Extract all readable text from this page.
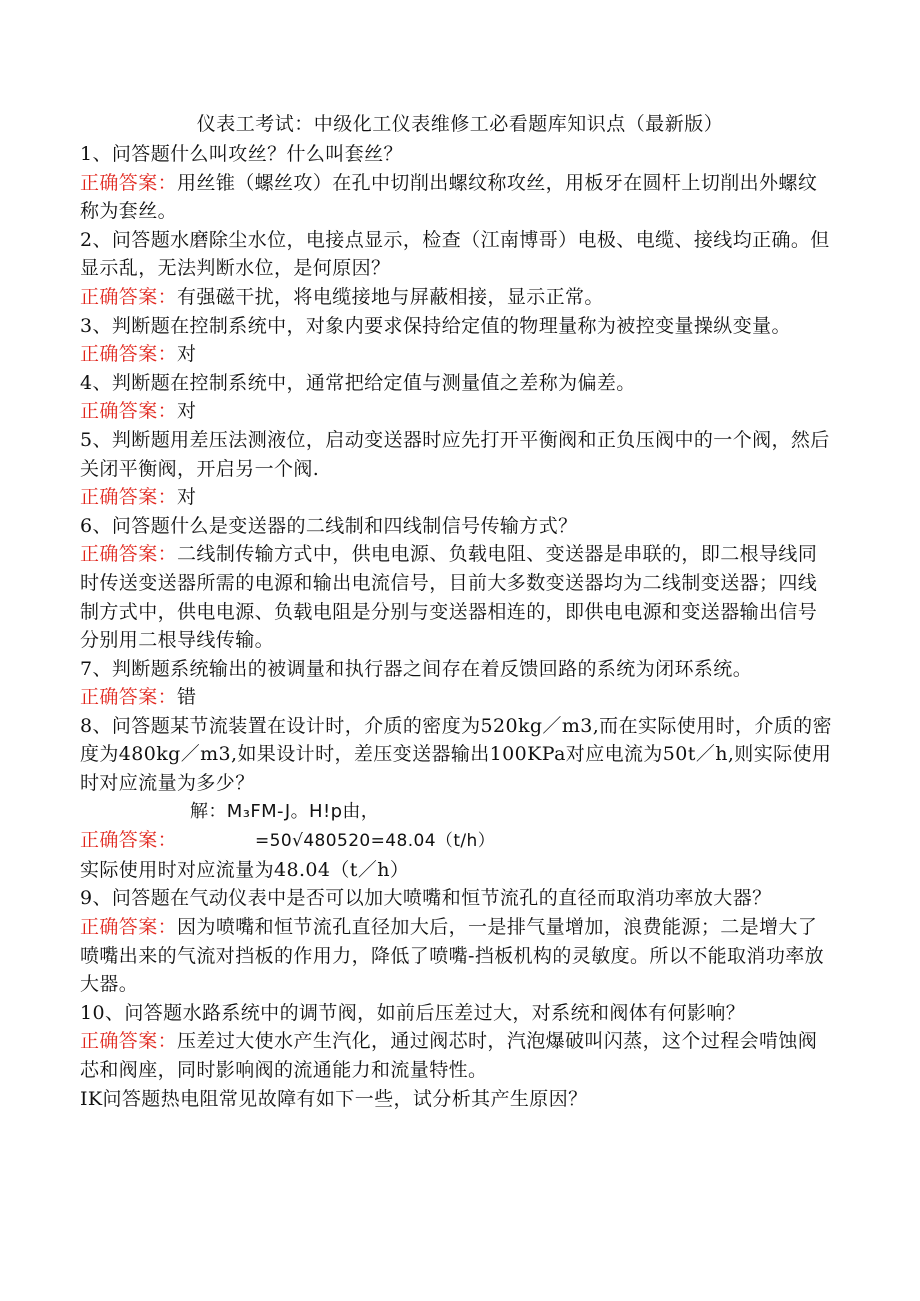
仪表工考试：中级化工仪表维修工必看题库知识点（最新版）

1、问答题什么叫攻丝？什么叫套丝？

正确答案：用丝锥（螺丝攻）在孔中切削出螺纹称攻丝，用板牙在圆杆上切削出外螺纹称为套丝。

2、问答题水磨除尘水位，电接点显示，检查（江南博哥）电极、电缆、接线均正确。但显示乱，无法判断水位，是何原因？

正确答案：有强磁干扰，将电缆接地与屏蔽相接，显示正常。

3、判断题在控制系统中，对象内要求保持给定值的物理量称为被控变量操纵变量。

正确答案：对

4、判断题在控制系统中，通常把给定值与测量值之差称为偏差。

正确答案：对

5、判断题用差压法测液位，启动变送器时应先打开平衡阀和正负压阀中的一个阀，然后关闭平衡阀，开启另一个阀.

正确答案：对

6、问答题什么是变送器的二线制和四线制信号传输方式？

正确答案：二线制传输方式中，供电电源、负载电阻、变送器是串联的，即二根导线同时传送变送器所需的电源和输出电流信号，目前大多数变送器均为二线制变送器；四线制方式中，供电电源、负载电阻是分别与变送器相连的，即供电电源和变送器输出信号分别用二根导线传输。

7、判断题系统输出的被调量和执行器之间存在着反馈回路的系统为闭环系统。

正确答案：错

8、问答题某节流装置在设计时，介质的密度为520kg／m3,而在实际使用时，介质的密度为480kg／m3,如果设计时，差压变送器输出100KPa对应电流为50t／h,则实际使用时对应流量为多少？

解：M₃FM-J。H!p由，

正确答案：	=50√480520=48.04（t/h）

实际使用时对应流量为48.04（t／h）

9、问答题在气动仪表中是否可以加大喷嘴和恒节流孔的直径而取消功率放大器？

正确答案：因为喷嘴和恒节流孔直径加大后，一是排气量增加，浪费能源；二是增大了喷嘴出来的气流对挡板的作用力，降低了喷嘴-挡板机构的灵敏度。所以不能取消功率放大器。

10、问答题水路系统中的调节阀，如前后压差过大，对系统和阀体有何影响？

正确答案：压差过大使水产生汽化，通过阀芯时，汽泡爆破叫闪蒸，这个过程会啃蚀阀芯和阀座，同时影响阀的流通能力和流量特性。

IK问答题热电阻常见故障有如下一些，试分析其产生原因？
